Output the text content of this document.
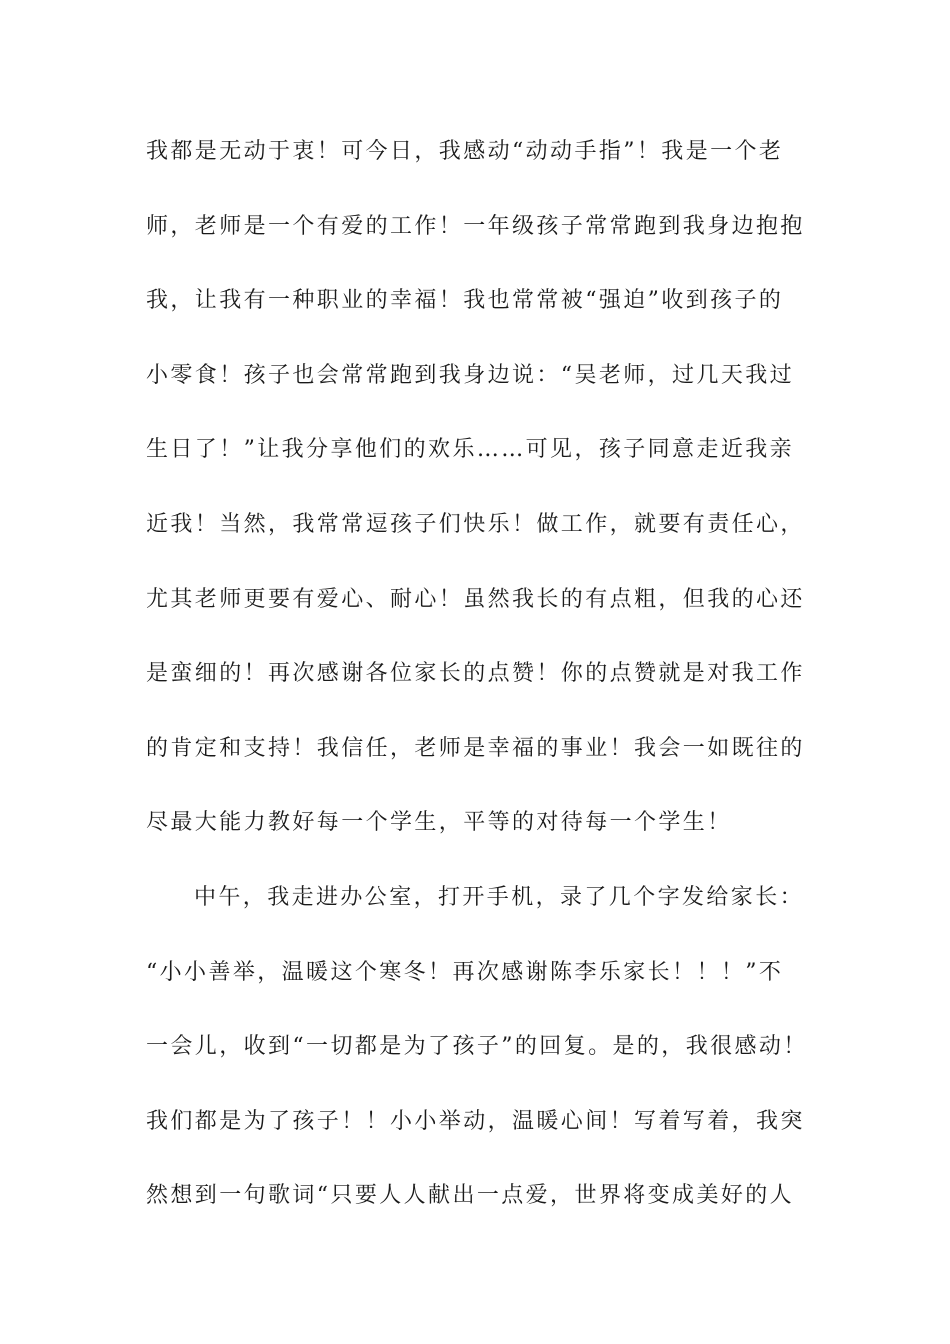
我都是无动于衷！可今日，我感动“动动手指”！我是一个老
师，老师是一个有爱的工作！一年级孩子常常跑到我身边抱抱
我，让我有一种职业的幸福！我也常常被“强迫”收到孩子的
小零食！孩子也会常常跑到我身边说：“吴老师，过几天我过
生日了！”让我分享他们的欢乐……可见，孩子同意走近我亲
近我！当然，我常常逗孩子们快乐！做工作，就要有责任心，
尤其老师更要有爱心、耐心！虽然我长的有点粗，但我的心还
是蛮细的！再次感谢各位家长的点赞！你的点赞就是对我工作
的肯定和支持！我信任，老师是幸福的事业！我会一如既往的
尽最大能力教好每一个学生，平等的对待每一个学生！
中午，我走进办公室，打开手机，录了几个字发给家长：
“小小善举，温暖这个寒冬！再次感谢陈李乐家长！！！”不
一会儿，收到“一切都是为了孩子”的回复。是的，我很感动！
我们都是为了孩子！！小小举动，温暖心间！写着写着，我突
然想到一句歌词“只要人人献出一点爱，世界将变成美好的人
